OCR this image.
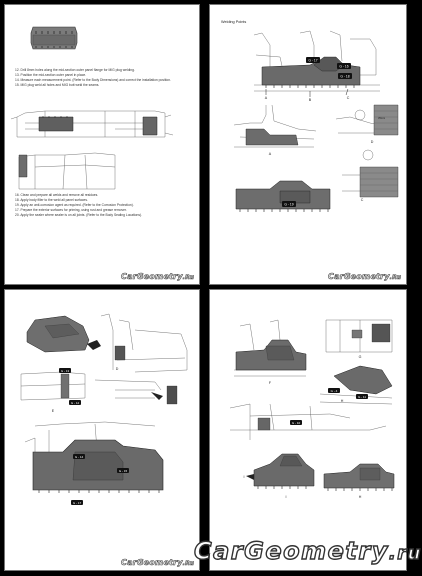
12. Drill 8mm holes along the mid-section outer panel flange for MIG plug welding.
13. Position the mid-section outer panel in place.
14. Measure each measurement point. (Refer to the Body Dimensions) and correct the installation position.
15. MIG plug weld all holes and MIG butt weld the seams.
16. Clean and prepare all welds and remove all residues.
18. Apply body filler to the weld all panel surfaces.
19. Apply an anti-corrosion agent as required. (Refer to the Corrosion Protection).
17. Prepare the exterior surfaces for priming, using rust and grease remover.
20. Apply the sealer where sealer is on all joints. (Refer to the Body Sealing Locations).
CarGeometry.Ru
Welding Points
G - 17
G - 16
G - 18
G - 19
A	B	C
A
D
C
35mm
CarGeometry.Ru
G - 13
G - 12
G - 14
G - 15
G - 17
D
E
CarGeometry.Ru
G - 4
G - 11
G - 10
F
G
H
I
I	H
CarGeometry.ru
